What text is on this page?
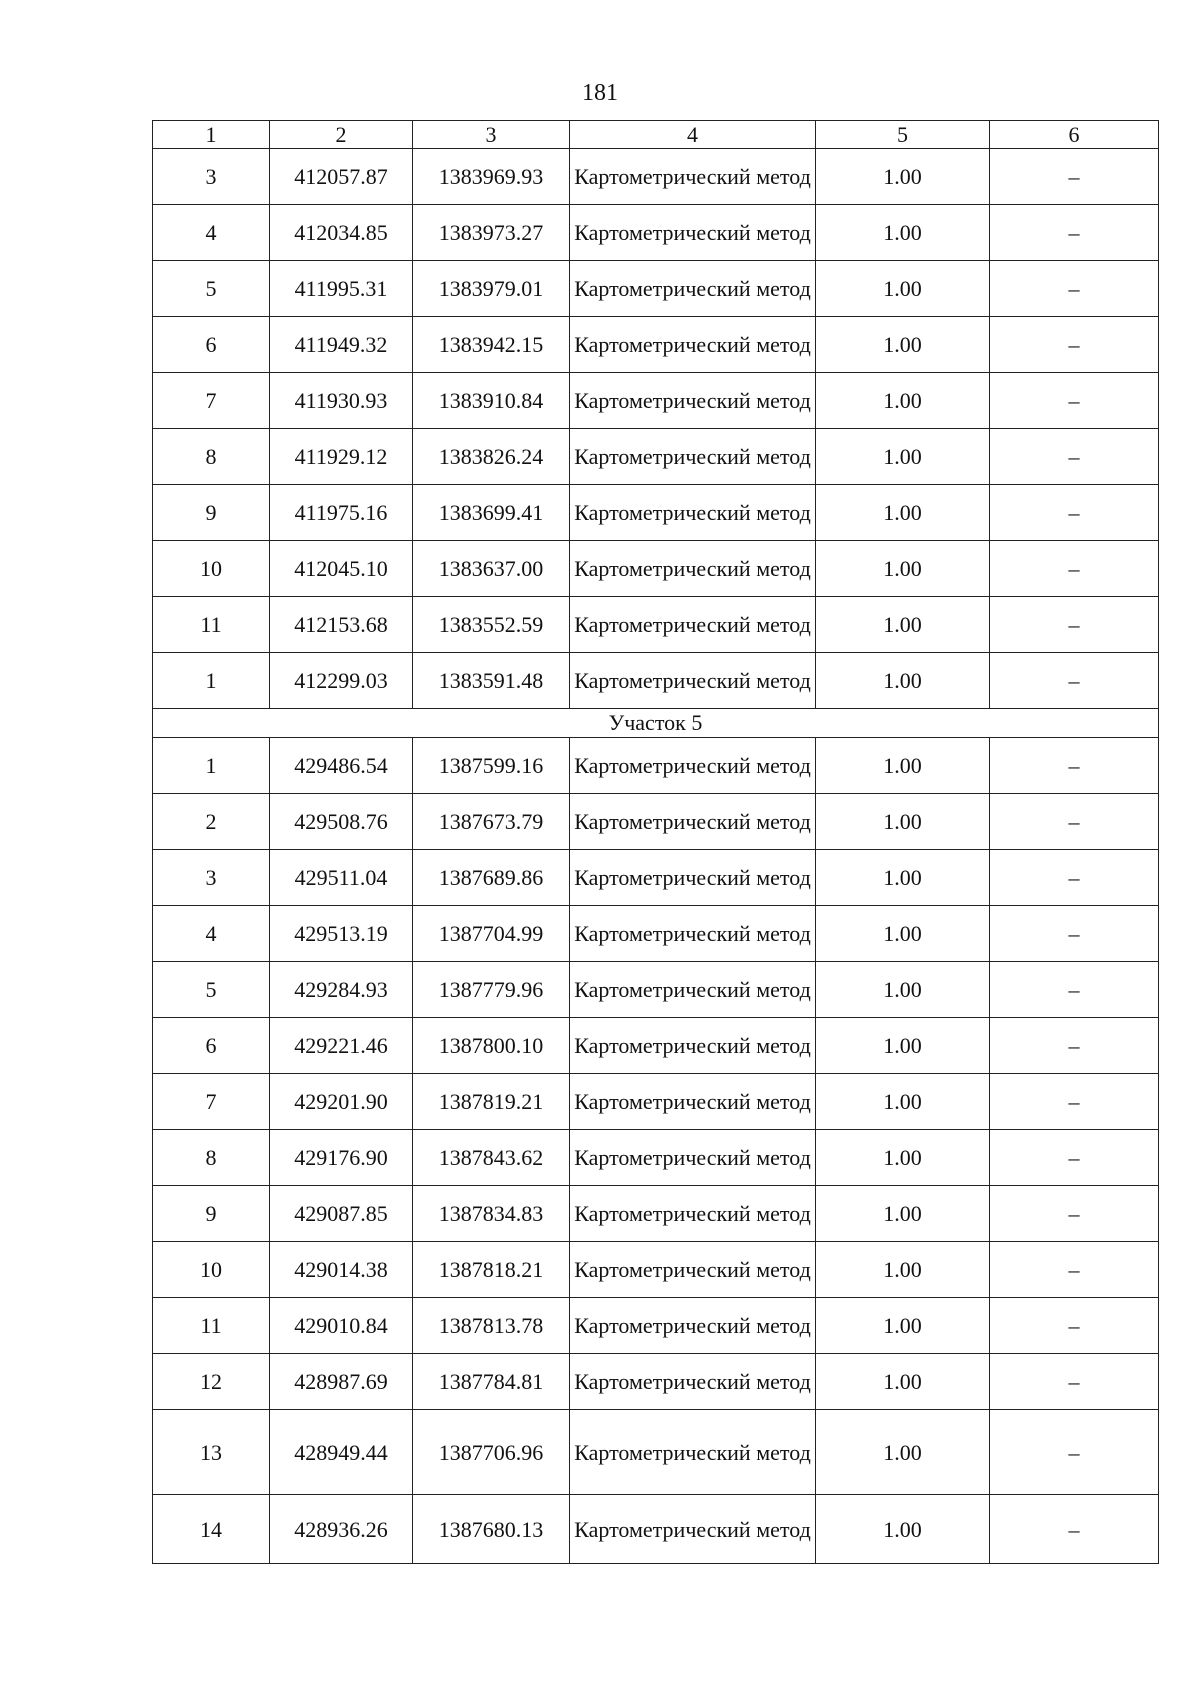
181
1	2	3	4	5	6
3	412057.87	1383969.93	Картометрический метод	1.00	–
4	412034.85	1383973.27	Картометрический метод	1.00	–
5	411995.31	1383979.01	Картометрический метод	1.00	–
6	411949.32	1383942.15	Картометрический метод	1.00	–
7	411930.93	1383910.84	Картометрический метод	1.00	–
8	411929.12	1383826.24	Картометрический метод	1.00	–
9	411975.16	1383699.41	Картометрический метод	1.00	–
10	412045.10	1383637.00	Картометрический метод	1.00	–
11	412153.68	1383552.59	Картометрический метод	1.00	–
1	412299.03	1383591.48	Картометрический метод	1.00	–
Участок 5					
1	429486.54	1387599.16	Картометрический метод	1.00	–
2	429508.76	1387673.79	Картометрический метод	1.00	–
3	429511.04	1387689.86	Картометрический метод	1.00	–
4	429513.19	1387704.99	Картометрический метод	1.00	–
5	429284.93	1387779.96	Картометрический метод	1.00	–
6	429221.46	1387800.10	Картометрический метод	1.00	–
7	429201.90	1387819.21	Картометрический метод	1.00	–
8	429176.90	1387843.62	Картометрический метод	1.00	–
9	429087.85	1387834.83	Картометрический метод	1.00	–
10	429014.38	1387818.21	Картометрический метод	1.00	–
11	429010.84	1387813.78	Картометрический метод	1.00	–
12	428987.69	1387784.81	Картометрический метод	1.00	–
13	428949.44	1387706.96	Картометрический метод	1.00	–
14	428936.26	1387680.13	Картометрический метод	1.00	–
